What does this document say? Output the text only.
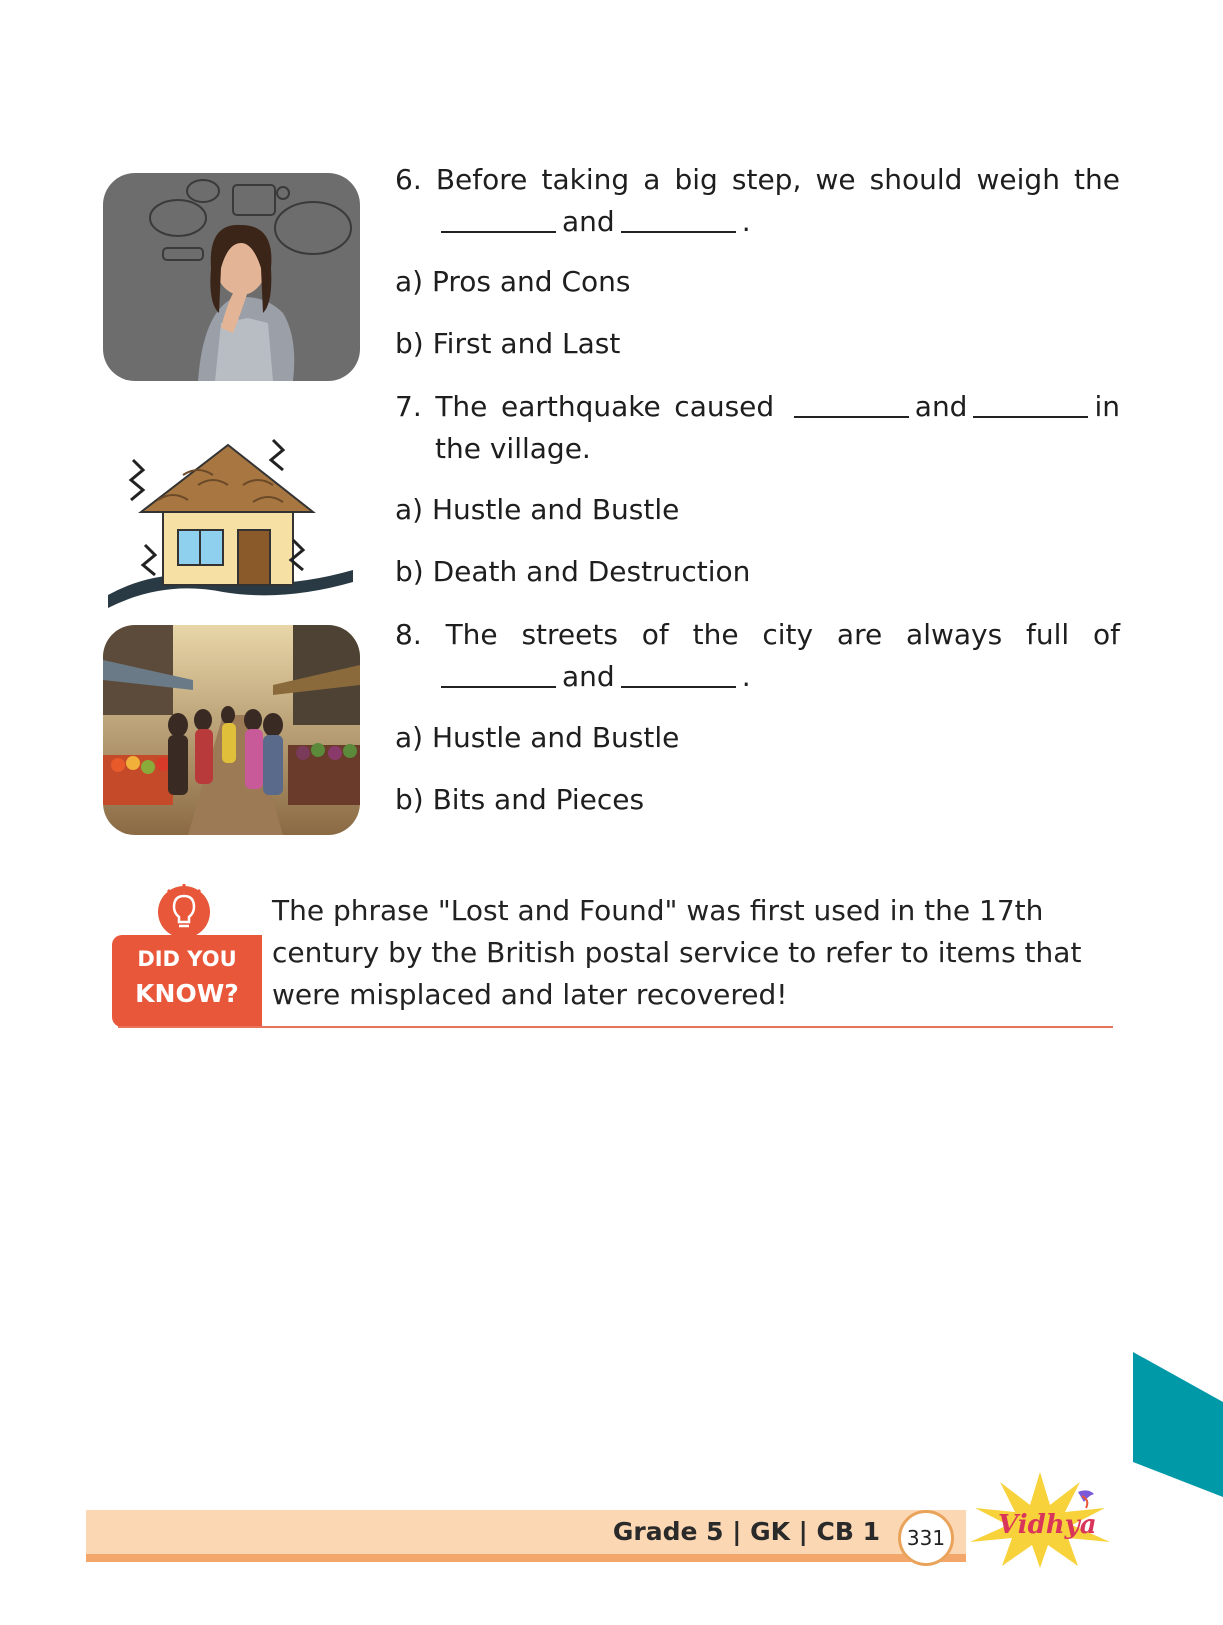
6. Before taking a big step, we should weigh the and	.
a) Pros and Cons
b) First and Last
7. The earthquake caused	and	in the village.
a) Hustle and Bustle
b) Death and Destruction
8. The streets of the city are always full of and	.
a) Hustle and Bustle
b) Bits and Pieces
DID YOU
KNOW?
The phrase "Lost and Found" was first used in the 17th century by the British postal service to refer to items that were misplaced and later recovered!
Grade 5 | GK | CB 1	331	Vidhya
